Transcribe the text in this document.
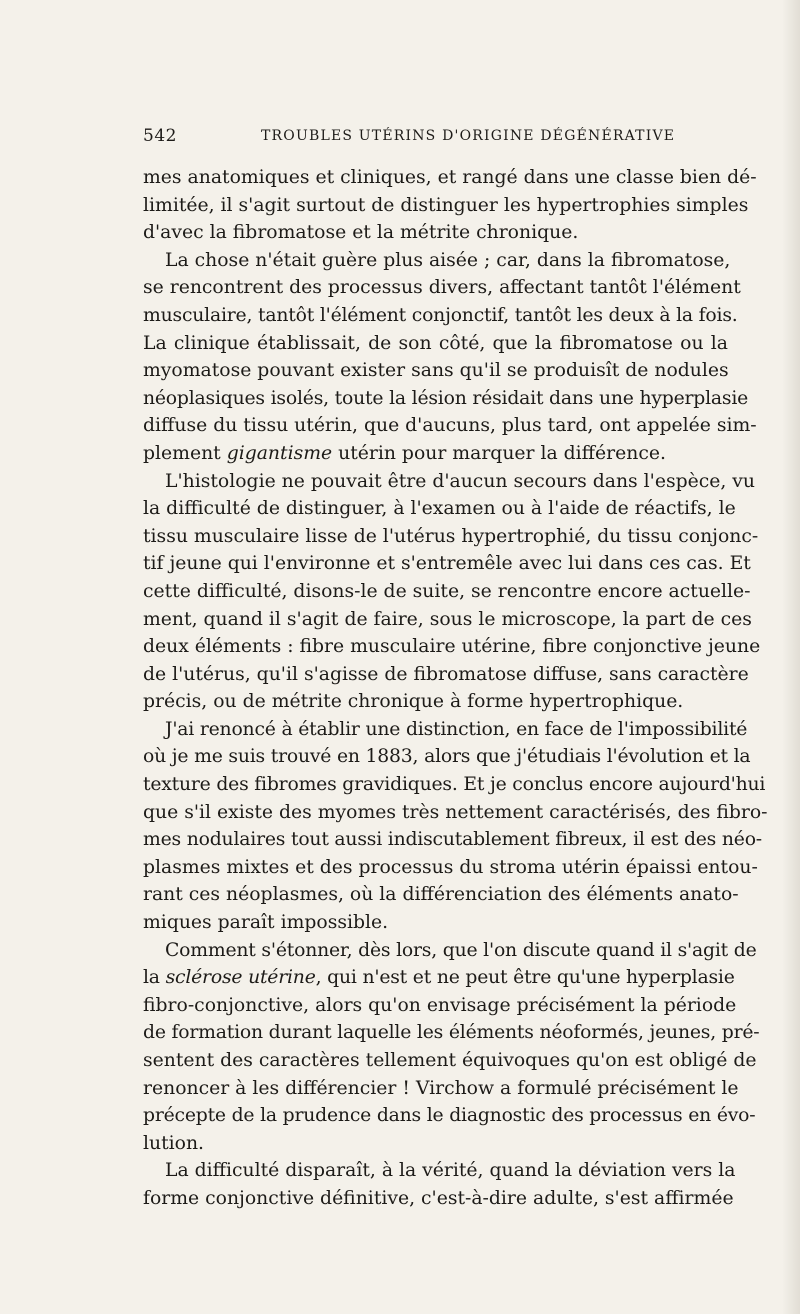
542	TROUBLES UTÉRINS D'ORIGINE DÉGÉNÉRATIVE
mes anatomiques et cliniques, et rangé dans une classe bien dé-
limitée, il s'agit surtout de distinguer les hypertrophies simples
d'avec la fibromatose et la métrite chronique.
La chose n'était guère plus aisée ; car, dans la fibromatose,
se rencontrent des processus divers, affectant tantôt l'élément
musculaire, tantôt l'élément conjonctif, tantôt les deux à la fois.
La clinique établissait, de son côté, que la fibromatose ou la
myomatose pouvant exister sans qu'il se produisît de nodules
néoplasiques isolés, toute la lésion résidait dans une hyperplasie
diffuse du tissu utérin, que d'aucuns, plus tard, ont appelée sim-
plement gigantisme utérin pour marquer la différence.
L'histologie ne pouvait être d'aucun secours dans l'espèce, vu
la difficulté de distinguer, à l'examen ou à l'aide de réactifs, le
tissu musculaire lisse de l'utérus hypertrophié, du tissu conjonc-
tif jeune qui l'environne et s'entremêle avec lui dans ces cas. Et
cette difficulté, disons-le de suite, se rencontre encore actuelle-
ment, quand il s'agit de faire, sous le microscope, la part de ces
deux éléments : fibre musculaire utérine, fibre conjonctive jeune
de l'utérus, qu'il s'agisse de fibromatose diffuse, sans caractère
précis, ou de métrite chronique à forme hypertrophique.
J'ai renoncé à établir une distinction, en face de l'impossibilité
où je me suis trouvé en 1883, alors que j'étudiais l'évolution et la
texture des fibromes gravidiques. Et je conclus encore aujourd'hui
que s'il existe des myomes très nettement caractérisés, des fibro-
mes nodulaires tout aussi indiscutablement fibreux, il est des néo-
plasmes mixtes et des processus du stroma utérin épaissi entou-
rant ces néoplasmes, où la différenciation des éléments anato-
miques paraît impossible.
Comment s'étonner, dès lors, que l'on discute quand il s'agit de
la sclérose utérine, qui n'est et ne peut être qu'une hyperplasie
fibro-conjonctive, alors qu'on envisage précisément la période
de formation durant laquelle les éléments néoformés, jeunes, pré-
sentent des caractères tellement équivoques qu'on est obligé de
renoncer à les différencier ! Virchow a formulé précisément le
précepte de la prudence dans le diagnostic des processus en évo-
lution.
La difficulté disparaît, à la vérité, quand la déviation vers la
forme conjonctive définitive, c'est-à-dire adulte, s'est affirmée
